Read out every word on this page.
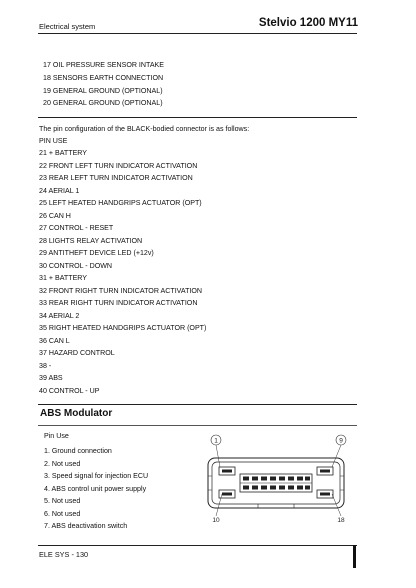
Electrical system	Stelvio 1200 MY11
17 OIL PRESSURE SENSOR INTAKE
18 SENSORS EARTH CONNECTION
19 GENERAL GROUND (OPTIONAL)
20 GENERAL GROUND (OPTIONAL)
The pin configuration of the BLACK-bodied connector is as follows:
PIN USE
21 + BATTERY
22 FRONT LEFT TURN INDICATOR ACTIVATION
23 REAR LEFT TURN INDICATOR ACTIVATION
24 AERIAL 1
25 LEFT HEATED HANDGRIPS ACTUATOR (OPT)
26 CAN H
27 CONTROL - RESET
28 LIGHTS RELAY ACTIVATION
29 ANTITHEFT DEVICE LED (+12v)
30 CONTROL - DOWN
31 + BATTERY
32 FRONT RIGHT TURN INDICATOR ACTIVATION
33 REAR RIGHT TURN INDICATOR ACTIVATION
34 AERIAL 2
35 RIGHT HEATED HANDGRIPS ACTUATOR (OPT)
36 CAN L
37 HAZARD CONTROL
38 -
39 ABS
40 CONTROL - UP
ABS Modulator
Pin Use
1. Ground connection
2. Not used
3. Speed signal for injection ECU
4. ABS control unit power supply
5. Not used
6. Not used
7. ABS deactivation switch
1	9
10	18
ELE SYS - 130
